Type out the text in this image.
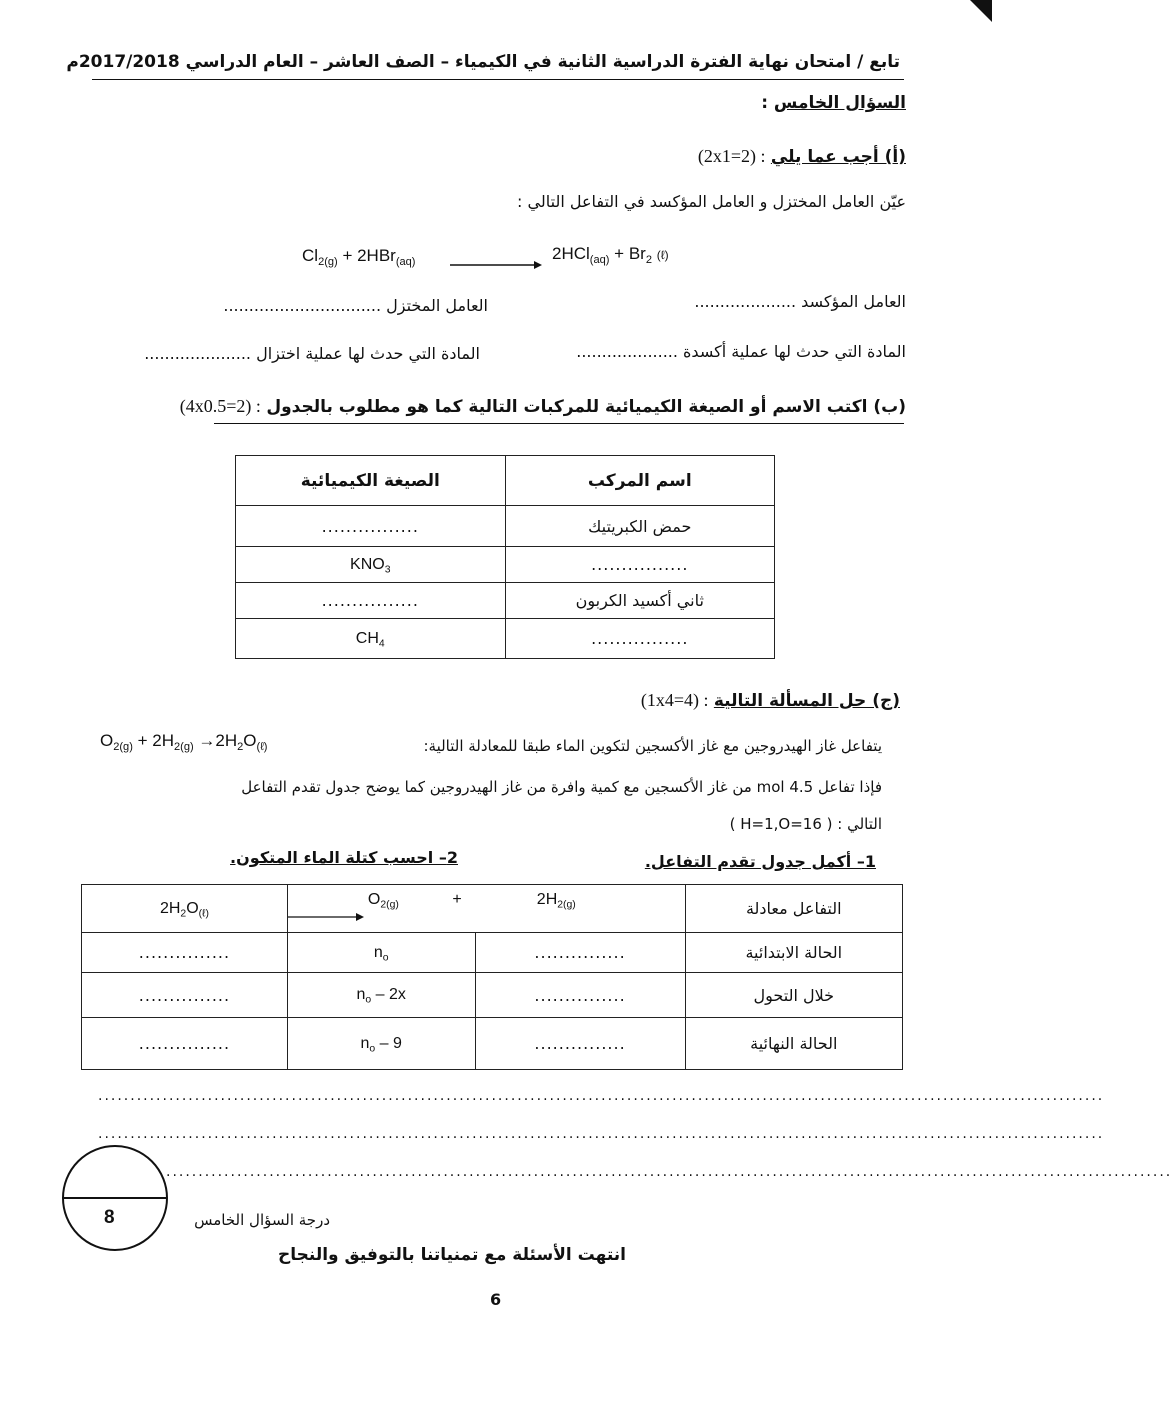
تابع / امتحان نهاية الفترة الدراسية الثانية في الكيمياء – الصف العاشر – العام الدراسي 2017/2018م
السؤال الخامس :
(أ) أجب عما يلي : (2x1=2)
عيّن العامل المختزل و العامل المؤكسد في التفاعل التالي :
$Cl_{2(g)} + 2HBr_{(aq)}$	$2HCl_{(aq)} + Br_2$ (ℓ)
العامل المؤكسد ....................
العامل المختزل ...............................
المادة التي حدث لها عملية أكسدة ....................
المادة التي حدث لها عملية اختزال .....................
(ب) اكتب الاسم أو الصيغة الكيميائية للمركبات التالية كما هو مطلوب بالجدول : (4x0.5=2)
اسم المركب	الصيغة الكيميائية
حمض الكبريتيك	................
................	$KNO_3$
ثاني أكسيد الكربون	................
................	$CH_4$
(ج) حل المسألة التالية : (1x4=4)
يتفاعل غاز الهيدروجين مع غاز الأكسجين لتكوين الماء طبقا للمعادلة التالية:
$O_{2(g)} + 2H_{2(g)} \to 2H_2O_{(\ell)}$
فإذا تفاعل 4.5 mol من غاز الأكسجين مع كمية وافرة من غاز الهيدروجين كما يوضح جدول تقدم التفاعل
التالي : ( H=1,O=16 )
1– أكمل جدول تقدم التفاعل.
2– احسب كتلة الماء المتكون.
$2H_2O_{(\ell)}$	$O_{2(g)} + 2H_{2(g)}$		التفاعل معادلة
...............	$n_o$	...............	الحالة الابتدائية
...............	$n_o - 2x$	...............	خلال التحول
...............	$n_o - 9$	...............	الحالة النهائية
............................................................................................................................................................
............................................................................................................................................................
............................................................................................................................................................
8	درجة السؤال الخامس
انتهت الأسئلة مع تمنياتنا بالتوفيق والنجاح
6
